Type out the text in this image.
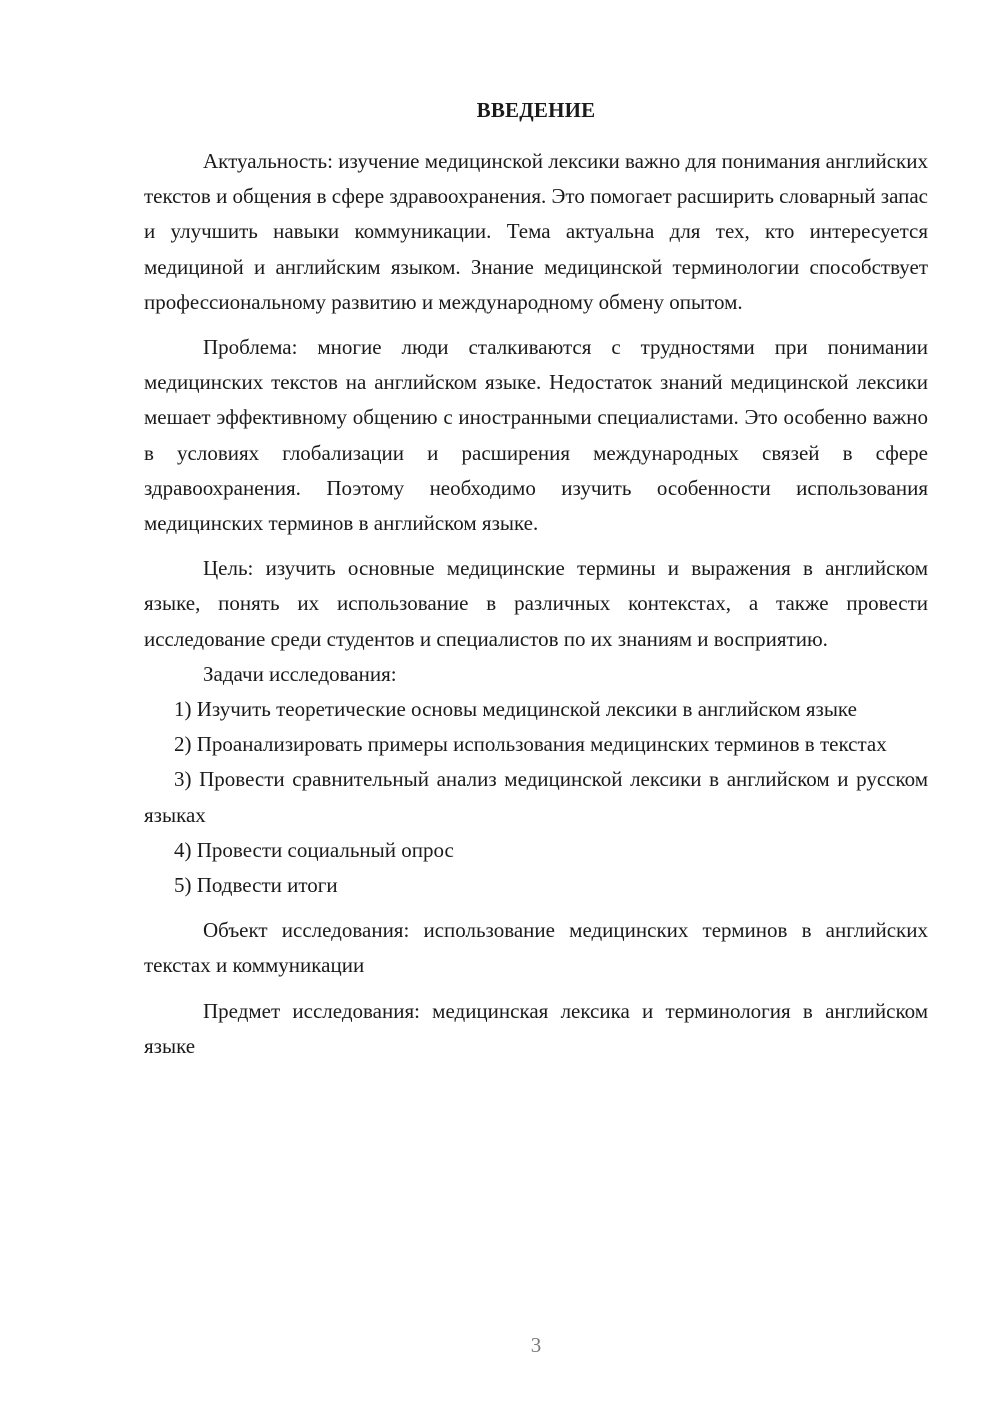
ВВЕДЕНИЕ

Актуальность: изучение медицинской лексики важно для понимания английских текстов и общения в сфере здравоохранения. Это помогает расширить словарный запас и улучшить навыки коммуникации. Тема актуальна для тех, кто интересуется медициной и английским языком. Знание медицинской терминологии способствует профессиональному развитию и международному обмену опытом.

Проблема: многие люди сталкиваются с трудностями при понимании медицинских текстов на английском языке. Недостаток знаний медицинской лексики мешает эффективному общению с иностранными специалистами. Это особенно важно в условиях глобализации и расширения международных связей в сфере здравоохранения. Поэтому необходимо изучить особенности использования медицинских терминов в английском языке.

Цель: изучить основные медицинские термины и выражения в английском языке, понять их использование в различных контекстах, а также провести исследование среди студентов и специалистов по их знаниям и восприятию.

Задачи исследования:

1) Изучить теоретические основы медицинской лексики в английском языке

2) Проанализировать примеры использования медицинских терминов в текстах

3) Провести сравнительный анализ медицинской лексики в английском и русском языках

4) Провести социальный опрос

5) Подвести итоги

Объект исследования: использование медицинских терминов в английских текстах и коммуникации

Предмет исследования: медицинская лексика и терминология в английском языке

3
